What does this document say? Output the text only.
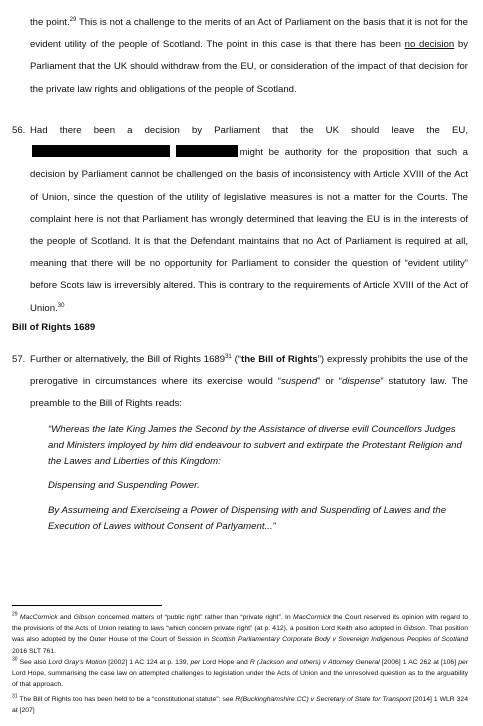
the point.$^{29}$ This is not a challenge to the merits of an Act of Parliament on the basis that it is not for the evident utility of the people of Scotland. The point in this case is that there has been no decision by Parliament that the UK should withdraw from the EU, or consideration of the impact of that decision for the private law rights and obligations of the people of Scotland.

56. Had there been a decision by Parliament that the UK should leave the EU, might be authority for the proposition that such a decision by Parliament cannot be challenged on the basis of inconsistency with Article XVIII of the Act of Union, since the question of the utility of legislative measures is not a matter for the Courts. The complaint here is not that Parliament has wrongly determined that leaving the EU is in the interests of the people of Scotland. It is that the Defendant maintains that no Act of Parliament is required at all, meaning that there will be no opportunity for Parliament to consider the question of “evident utility” before Scots law is irreversibly altered. This is contrary to the requirements of Article XVIII of the Act of Union.$^{30}$

Bill of Rights 1689

57. Further or alternatively, the Bill of Rights 1689$^{31}$ (“the Bill of Rights”) expressly prohibits the use of the prerogative in circumstances where its exercise would “suspend” or “dispense” statutory law. The preamble to the Bill of Rights reads:

“Whereas the late King James the Second by the Assistance of diverse evill Councellors Judges and Ministers imployed by him did endeavour to subvert and extirpate the Protestant Religion and the Lawes and Liberties of this Kingdom:

Dispensing and Suspending Power.

By Assumeing and Exerciseing a Power of Dispensing with and Suspending of Lawes and the Execution of Lawes without Consent of Parlyament...”

$^{29}$ MacCormick and Gibson concerned matters of “public right” rather than “private right”. In MacCormick the Court reserved its opinion with regard to the provisions of the Acts of Union relating to laws “which concern private right” (at p. 412), a position Lord Keith also adopted in Gibson. That position was also adopted by the Outer House of the Court of Session in Scottish Parliamentary Corporate Body v Sovereign Indigenous Peoples of Scotland 2016 SLT 761.

$^{30}$ See also Lord Gray’s Motion [2002] 1 AC 124 at p. 139, per Lord Hope and R (Jackson and others) v Attorney General [2006] 1 AC 262 at [106] per Lord Hope, summarising the case law on attempted challenges to legislation under the Acts of Union and the unresolved question as to the arguability of that approach.

$^{31}$ The Bill of Rights too has been held to be a “constitutional statute”: see R(Buckinghamshire CC) v Secretary of State for Transport [2014] 1 WLR 324 at [207]
